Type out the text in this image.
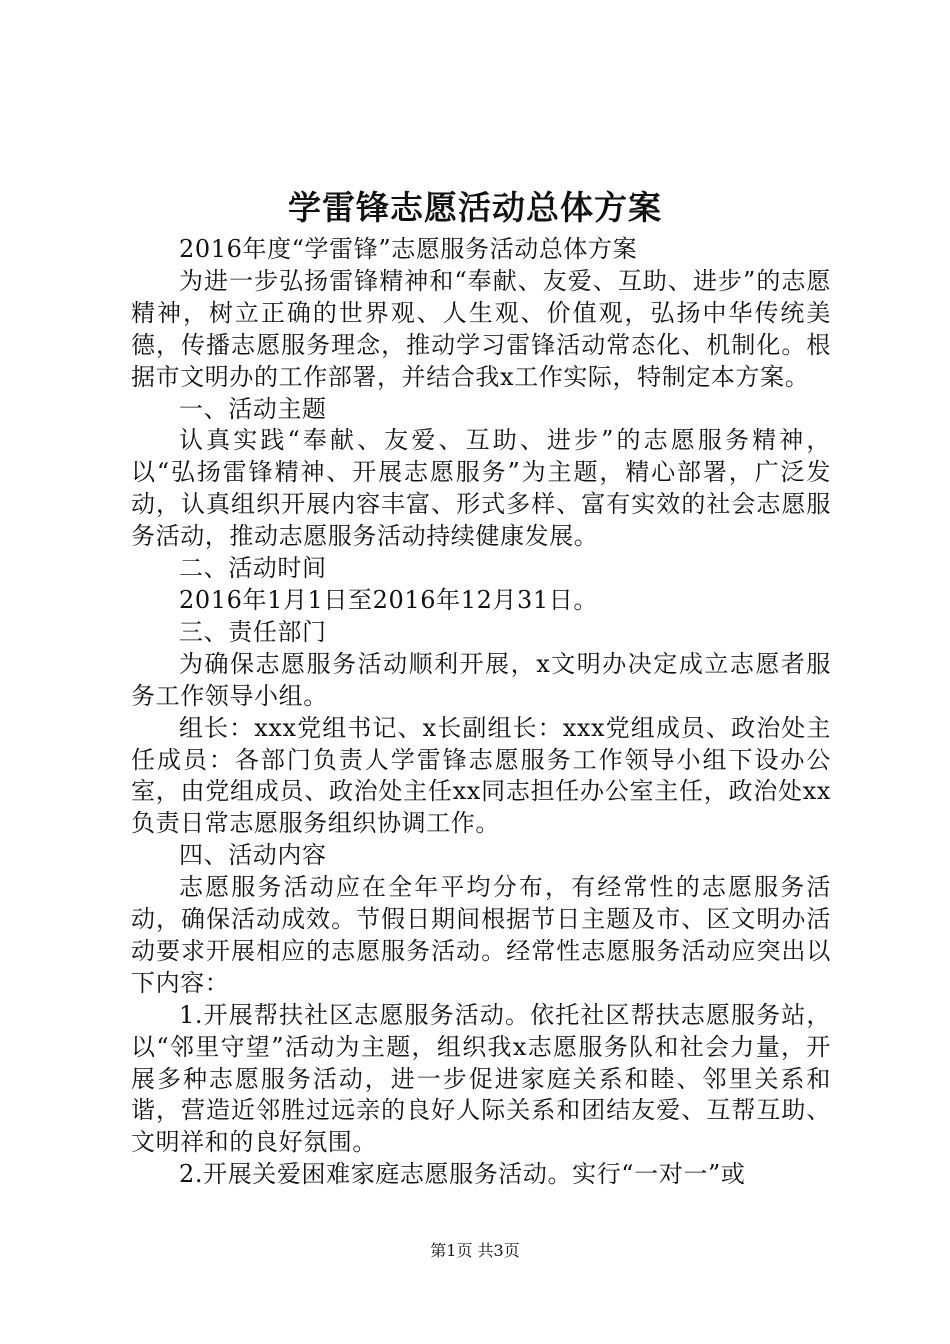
学雷锋志愿活动总体方案

2016年度“学雷锋”志愿服务活动总体方案

为进一步弘扬雷锋精神和“奉献、友爱、互助、进步”的志愿精神，树立正确的世界观、人生观、价值观，弘扬中华传统美德，传播志愿服务理念，推动学习雷锋活动常态化、机制化。根据市文明办的工作部署，并结合我x工作实际，特制定本方案。

一、活动主题

认真实践“奉献、友爱、互助、进步”的志愿服务精神，以“弘扬雷锋精神、开展志愿服务”为主题，精心部署，广泛发动，认真组织开展内容丰富、形式多样、富有实效的社会志愿服务活动，推动志愿服务活动持续健康发展。

二、活动时间

2016年1月1日至2016年12月31日。

三、责任部门

为确保志愿服务活动顺利开展，x文明办决定成立志愿者服务工作领导小组。

组长：xxx党组书记、x长副组长：xxx党组成员、政治处主任成员：各部门负责人学雷锋志愿服务工作领导小组下设办公室，由党组成员、政治处主任xx同志担任办公室主任，政治处xx负责日常志愿服务组织协调工作。

四、活动内容

志愿服务活动应在全年平均分布，有经常性的志愿服务活动，确保活动成效。节假日期间根据节日主题及市、区文明办活动要求开展相应的志愿服务活动。经常性志愿服务活动应突出以下内容：

1.开展帮扶社区志愿服务活动。依托社区帮扶志愿服务站，以“邻里守望”活动为主题，组织我x志愿服务队和社会力量，开展多种志愿服务活动，进一步促进家庭关系和睦、邻里关系和谐，营造近邻胜过远亲的良好人际关系和团结友爱、互帮互助、文明祥和的良好氛围。

2.开展关爱困难家庭志愿服务活动。实行“一对一”或

第1页 共3页
